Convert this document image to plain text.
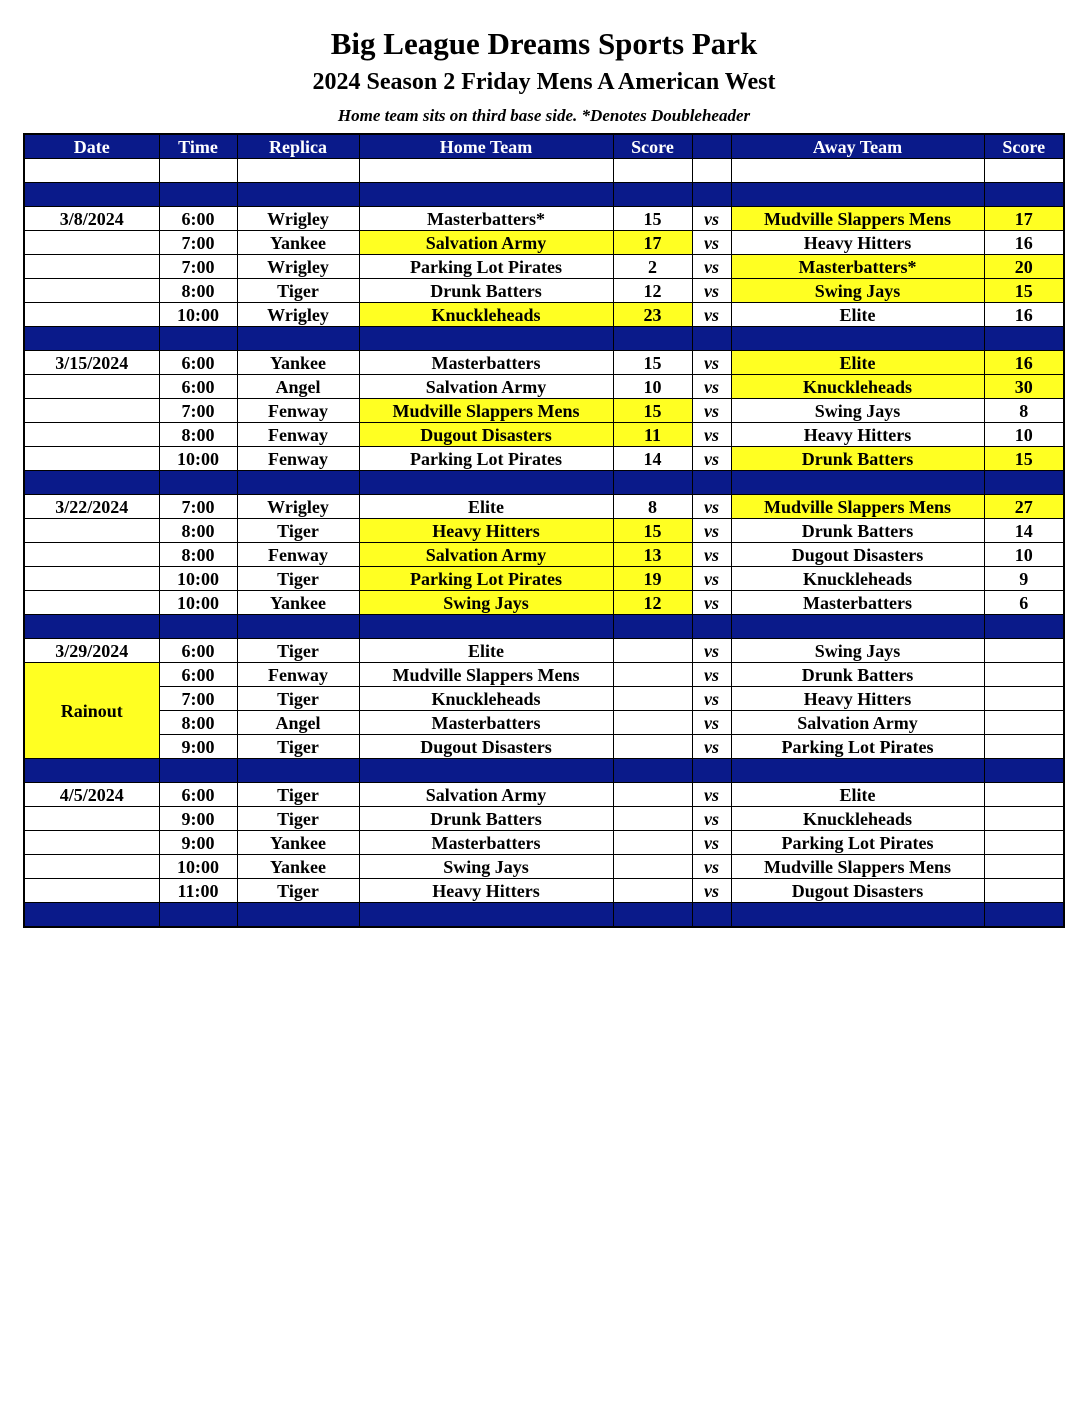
Big League Dreams Sports Park
2024 Season 2 Friday Mens A American West
Home team sits on third base side. *Denotes Doubleheader
Date	Time	Replica	Home Team	Score		Away Team	Score

3/8/2024	6:00	Wrigley	Masterbatters*	15	vs	Mudville Slappers Mens	17
	7:00	Yankee	Salvation Army	17	vs	Heavy Hitters	16
	7:00	Wrigley	Parking Lot Pirates	2	vs	Masterbatters*	20
	8:00	Tiger	Drunk Batters	12	vs	Swing Jays	15
	10:00	Wrigley	Knuckleheads	23	vs	Elite	16

3/15/2024	6:00	Yankee	Masterbatters	15	vs	Elite	16
	6:00	Angel	Salvation Army	10	vs	Knuckleheads	30
	7:00	Fenway	Mudville Slappers Mens	15	vs	Swing Jays	8
	8:00	Fenway	Dugout Disasters	11	vs	Heavy Hitters	10
	10:00	Fenway	Parking Lot Pirates	14	vs	Drunk Batters	15

3/22/2024	7:00	Wrigley	Elite	8	vs	Mudville Slappers Mens	27
	8:00	Tiger	Heavy Hitters	15	vs	Drunk Batters	14
	8:00	Fenway	Salvation Army	13	vs	Dugout Disasters	10
	10:00	Tiger	Parking Lot Pirates	19	vs	Knuckleheads	9
	10:00	Yankee	Swing Jays	12	vs	Masterbatters	6

3/29/2024	6:00	Tiger	Elite		vs	Swing Jays	
Rainout	6:00	Fenway	Mudville Slappers Mens		vs	Drunk Batters	
	7:00	Tiger	Knuckleheads		vs	Heavy Hitters	
	8:00	Angel	Masterbatters		vs	Salvation Army	
	9:00	Tiger	Dugout Disasters		vs	Parking Lot Pirates	

4/5/2024	6:00	Tiger	Salvation Army		vs	Elite	
	9:00	Tiger	Drunk Batters		vs	Knuckleheads	
	9:00	Yankee	Masterbatters		vs	Parking Lot Pirates	
	10:00	Yankee	Swing Jays		vs	Mudville Slappers Mens	
	11:00	Tiger	Heavy Hitters		vs	Dugout Disasters	
